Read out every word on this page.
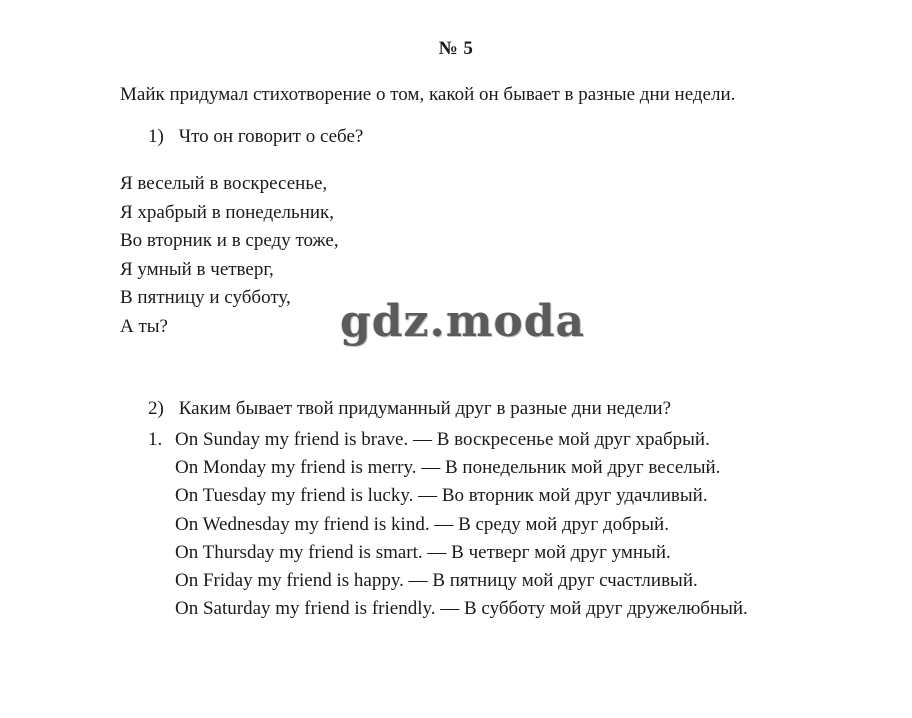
№ 5
Майк придумал стихотворение о том, какой он бывает в разные дни недели.
1) Что он говорит о себе?
Я веселый в воскресенье,
Я храбрый в понедельник,
Во вторник и в среду тоже,
Я умный в четверг,
В пятницу и субботу,
А ты?	gdz.moda
2) Каким бывает твой придуманный друг в разные дни недели?
1. On Sunday my friend is brave. — В воскресенье мой друг храбрый.
On Monday my friend is merry. — В понедельник мой друг веселый.
On Tuesday my friend is lucky. — Во вторник мой друг удачливый.
On Wednesday my friend is kind. — В среду мой друг добрый.
On Thursday my friend is smart. — В четверг мой друг умный.
On Friday my friend is happy. — В пятницу мой друг счастливый.
On Saturday my friend is friendly. — В субботу мой друг дружелюбный.
